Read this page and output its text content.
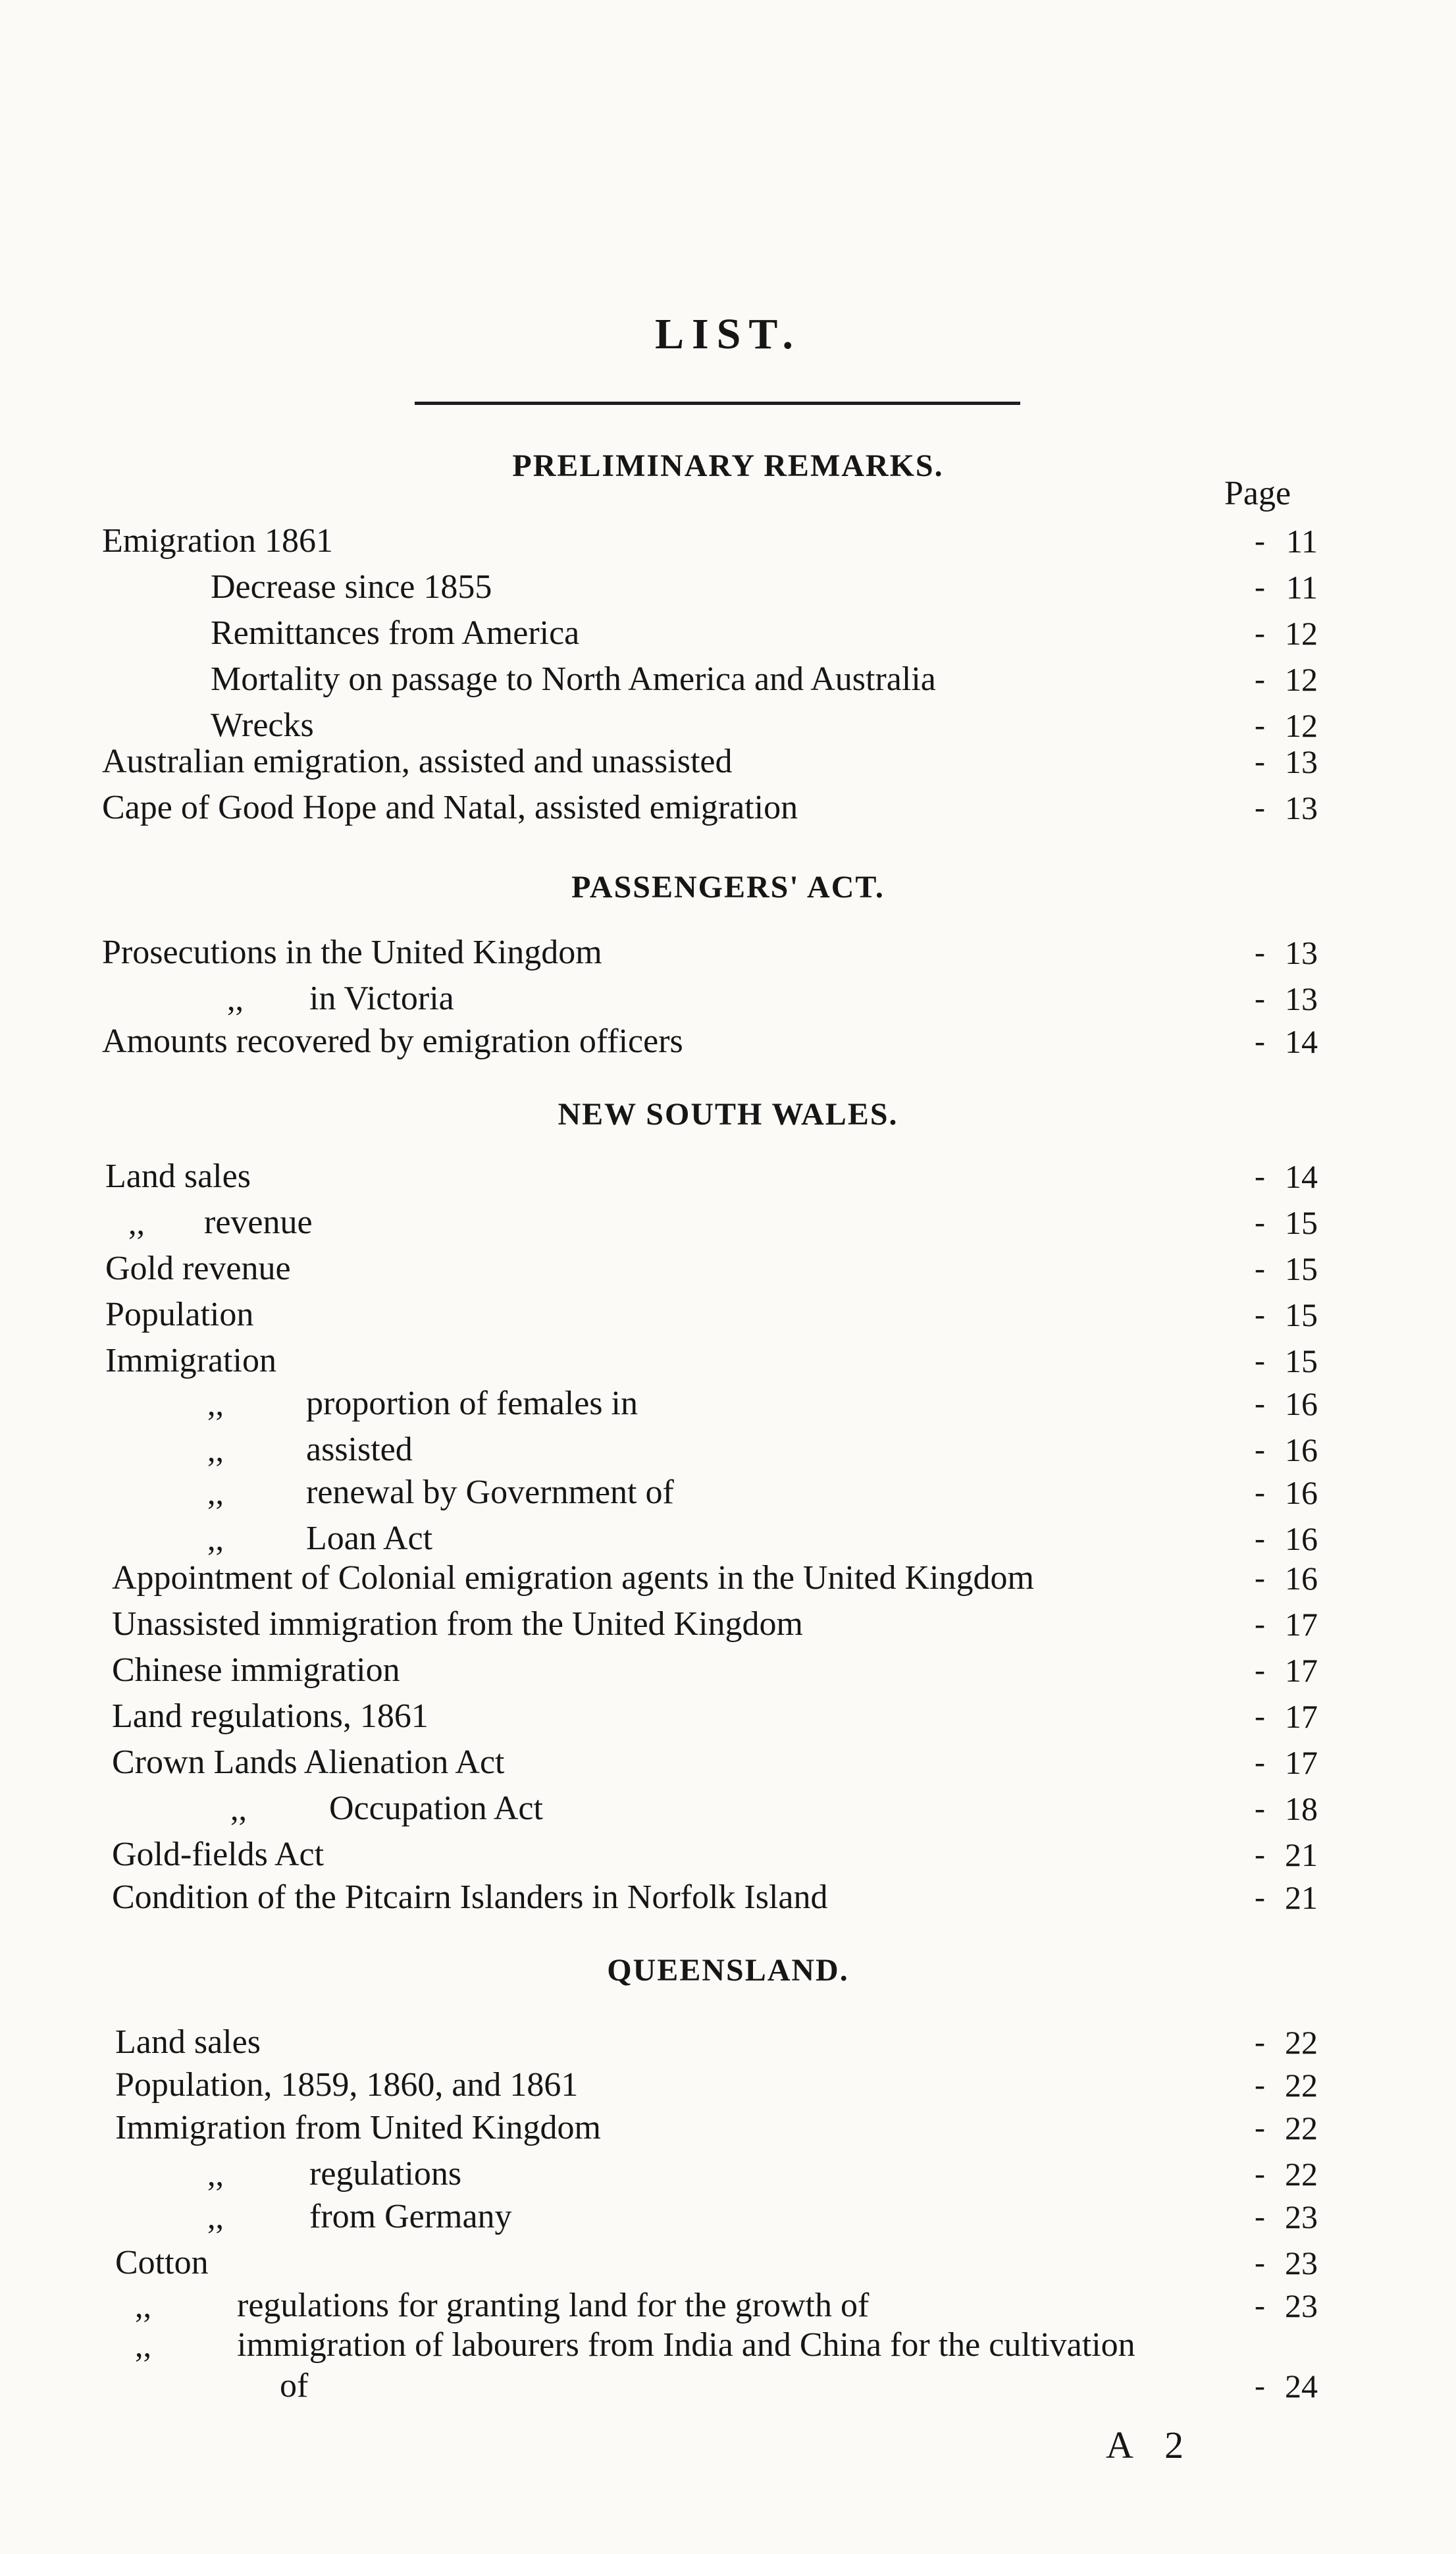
LIST.
PRELIMINARY REMARKS.
Page
Emigration 1861	- 11
Decrease since 1855	- 11
Remittances from America	- 12
Mortality on passage to North America and Australia	- 12
Wrecks	- 12
Australian emigration, assisted and unassisted	- 13
Cape of Good Hope and Natal, assisted emigration	- 13
PASSENGERS' ACT.
Prosecutions in the United Kingdom	- 13
,, in Victoria	- 13
Amounts recovered by emigration officers	- 14
NEW SOUTH WALES.
Land sales	- 14
,, revenue	- 15
Gold revenue	- 15
Population	- 15
Immigration	- 15
,, proportion of females in	- 16
,, assisted	- 16
,, renewal by Government of	- 16
,, Loan Act	- 16
Appointment of Colonial emigration agents in the United Kingdom	- 16
Unassisted immigration from the United Kingdom	- 17
Chinese immigration	- 17
Land regulations, 1861	- 17
Crown Lands Alienation Act	- 17
,, Occupation Act	- 18
Gold-fields Act	- 21
Condition of the Pitcairn Islanders in Norfolk Island	- 21
QUEENSLAND.
Land sales	- 22
Population, 1859, 1860, and 1861	- 22
Immigration from United Kingdom	- 22
,,	regulations	- 22
,,	from Germany	- 23
Cotton	- 23
,,	regulations for granting land for the growth of	- 23
,,	immigration of labourers from India and China for the cultivation
of	- 24
A 2
